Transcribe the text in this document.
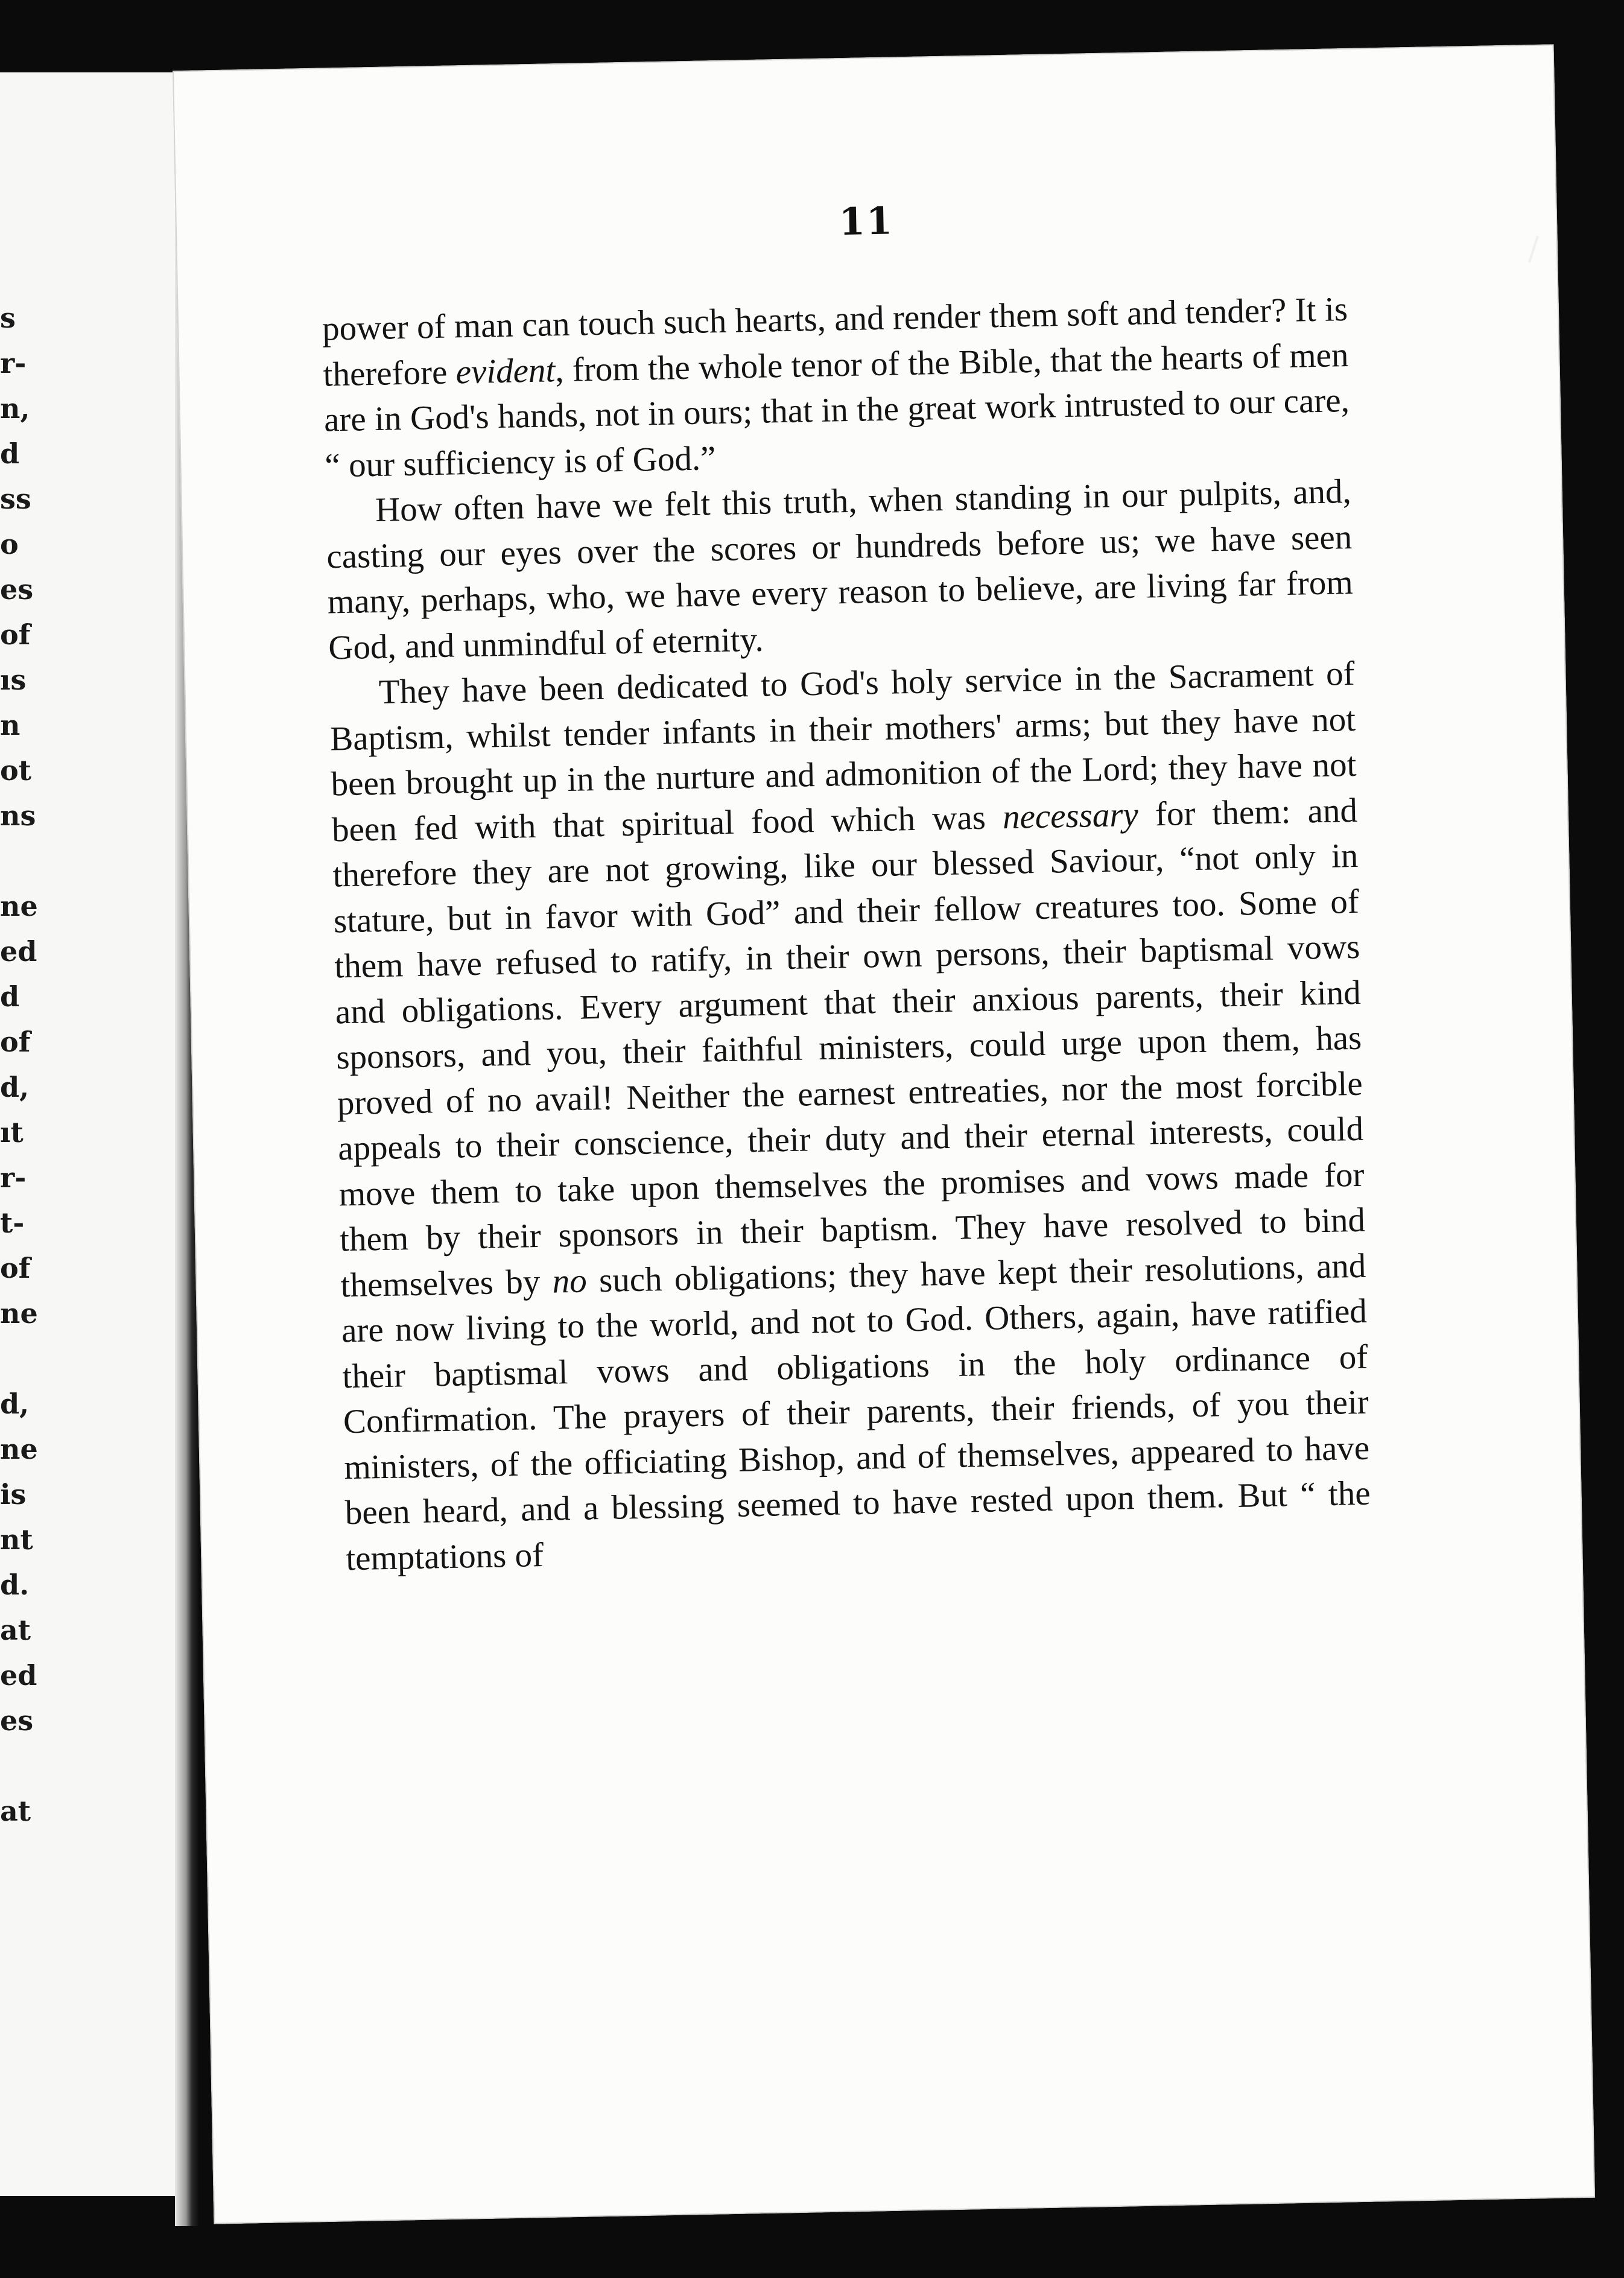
s
r-
n,
d
ss
o
es
of
ıs
n
ot
ns
ne
ed
d
of
d,
ıt
r-
t-
of
ne
d,
ne
is
nt
d.
at
ed
es
at
11

power of man can touch such hearts, and render them soft and tender? It is therefore evident, from the whole tenor of the Bible, that the hearts of men are in God's hands, not in ours; that in the great work intrusted to our care, “ our sufficiency is of God.”

How often have we felt this truth, when standing in our pulpits, and, casting our eyes over the scores or hundreds before us; we have seen many, perhaps, who, we have every reason to believe, are living far from God, and unmindful of eternity.

They have been dedicated to God's holy service in the Sacrament of Baptism, whilst tender infants in their mothers' arms; but they have not been brought up in the nurture and admonition of the Lord; they have not been fed with that spiritual food which was necessary for them: and therefore they are not growing, like our blessed Saviour, “not only in stature, but in favor with God” and their fellow creatures too. Some of them have refused to ratify, in their own persons, their baptismal vows and obligations. Every argument that their anxious parents, their kind sponsors, and you, their faithful ministers, could urge upon them, has proved of no avail! Neither the earnest entreaties, nor the most forcible appeals to their conscience, their duty and their eternal interests, could move them to take upon themselves the promises and vows made for them by their sponsors in their baptism. They have resolved to bind themselves by no such obligations; they have kept their resolutions, and are now living to the world, and not to God. Others, again, have ratified their baptismal vows and obligations in the holy ordinance of Confirmation. The prayers of their parents, their friends, of you their ministers, of the officiating Bishop, and of themselves, appeared to have been heard, and a blessing seemed to have rested upon them. But “ the temptations of
